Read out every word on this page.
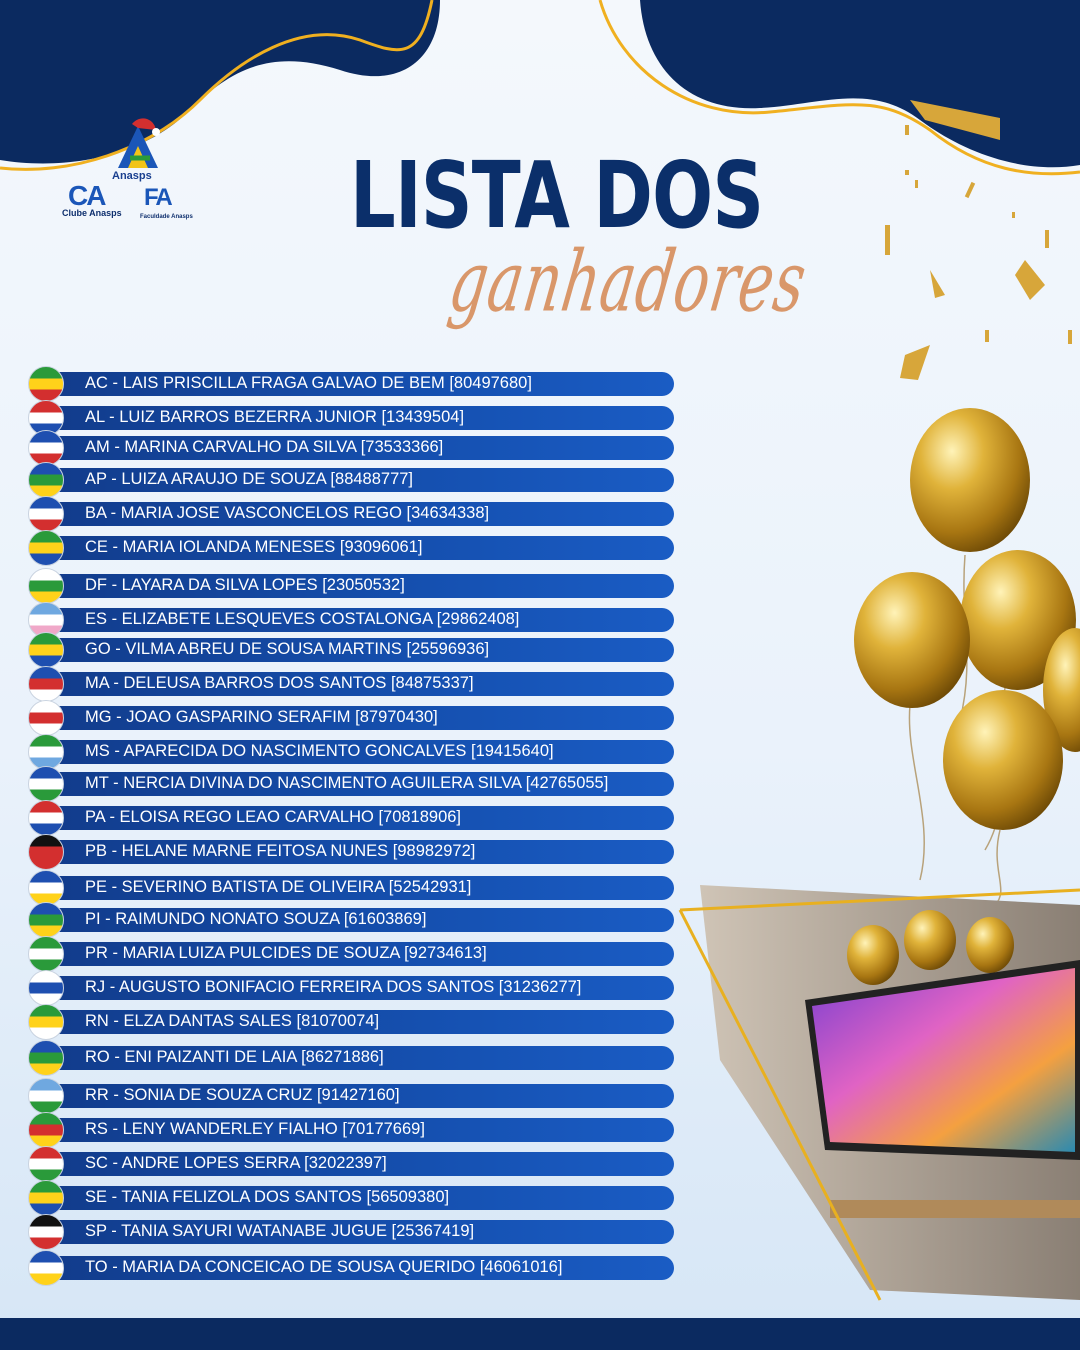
Anasps
CA FA
Clube Anasps	Faculdade Anasps LISTA DOS
ganhadores
AC - LAIS PRISCILLA FRAGA GALVAO DE BEM [80497680]
AL - LUIZ BARROS BEZERRA JUNIOR [13439504]
AM - MARINA CARVALHO DA SILVA [73533366]
AP - LUIZA ARAUJO DE SOUZA [88488777]
BA - MARIA JOSE VASCONCELOS REGO [34634338]
CE - MARIA IOLANDA MENESES [93096061]
DF - LAYARA DA SILVA LOPES [23050532]
ES - ELIZABETE LESQUEVES COSTALONGA [29862408]
GO - VILMA ABREU DE SOUSA MARTINS [25596936]
MA - DELEUSA BARROS DOS SANTOS [84875337]
MG - JOAO GASPARINO SERAFIM [87970430]
MS - APARECIDA DO NASCIMENTO GONCALVES [19415640]
MT - NERCIA DIVINA DO NASCIMENTO AGUILERA SILVA [42765055]
PA - ELOISA REGO LEAO CARVALHO [70818906]
PB - HELANE MARNE FEITOSA NUNES [98982972]
PE - SEVERINO BATISTA DE OLIVEIRA [52542931]
PI - RAIMUNDO NONATO SOUZA [61603869]
PR - MARIA LUIZA PULCIDES DE SOUZA [92734613]
RJ - AUGUSTO BONIFACIO FERREIRA DOS SANTOS [31236277]
RN - ELZA DANTAS SALES [81070074]
RO - ENI PAIZANTI DE LAIA [86271886]
RR - SONIA DE SOUZA CRUZ [91427160]
RS - LENY WANDERLEY FIALHO [70177669]
SC - ANDRE LOPES SERRA [32022397]
SE - TANIA FELIZOLA DOS SANTOS [56509380]
SP - TANIA SAYURI WATANABE JUGUE [25367419]
TO - MARIA DA CONCEICAO DE SOUSA QUERIDO [46061016]
